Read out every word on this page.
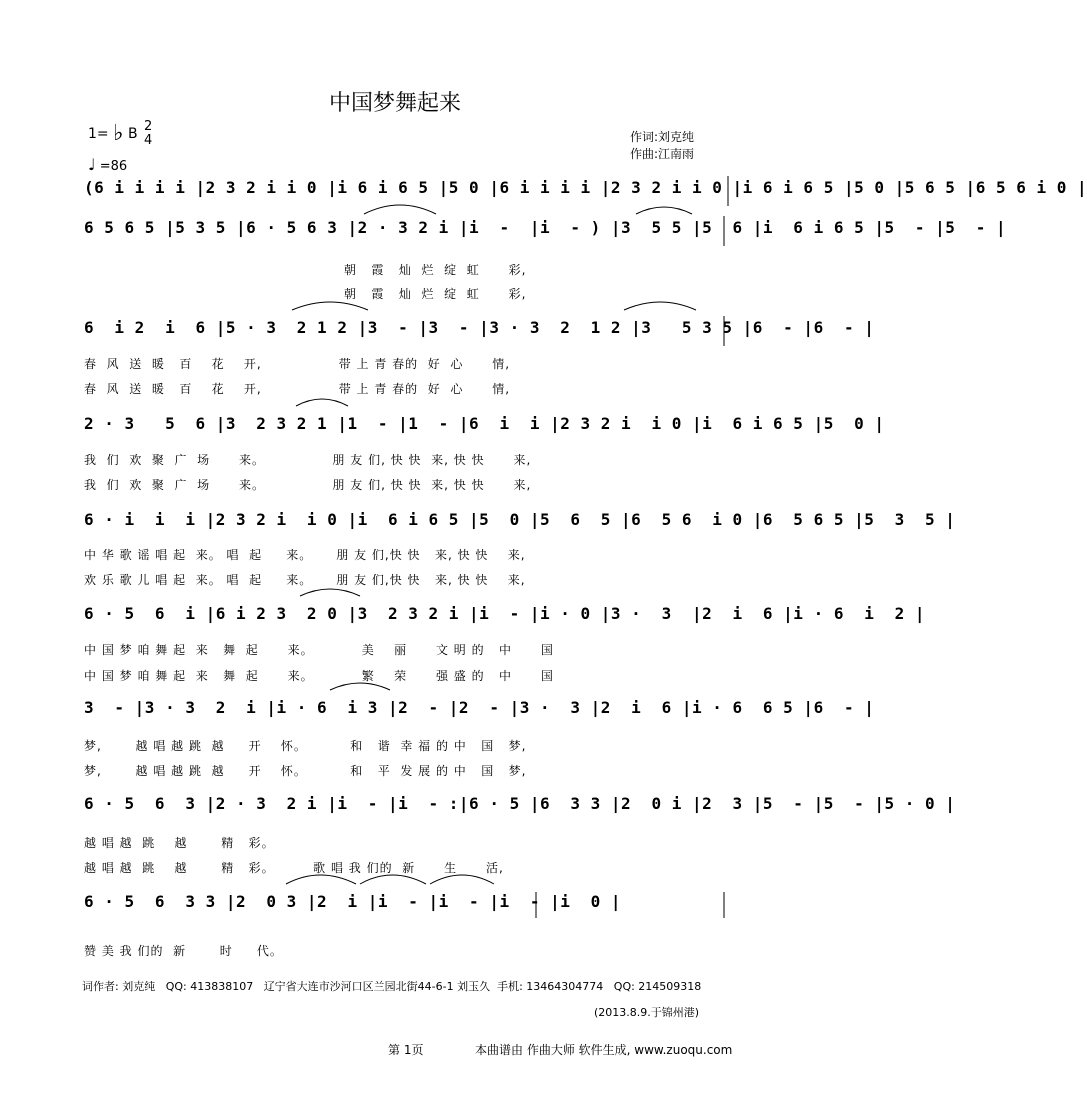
中国梦舞起来
1= ♭ B 2
4
♩ =86
作词:刘克纯
作曲:江南雨
(6 i i i i |2 3 2 i i 0 |i 6 i 6 5 |5 0 |6 i i i i |2 3 2 i i 0 |i 6 i 6 5 |5 0 |5 6 5 |6 5 6 i 0 |
6 5 6 5 |5 3 5 |6 · 5 6 3 |2 · 3 2 i |i  -  |i  - ) |3  5 5 |5  6 |i  6 i 6 5 |5  - |5  - |
6  i 2  i  6 |5 · 3  2 1 2 |3  - |3  - |3 · 3  2  1 2 |3   5 3 5 |6  - |6  - |
2 · 3   5  6 |3  2 3 2 1 |1  - |1  - |6  i  i |2 3 2 i  i 0 |i  6 i 6 5 |5  0 |
6 · i  i  i |2 3 2 i  i 0 |i  6 i 6 5 |5  0 |5  6  5 |6  5 6  i 0 |6  5 6 5 |5  3  5 |
6 · 5  6  i |6 i 2 3  2 0 |3  2 3 2 i |i  - |i · 0 |3 ·  3  |2  i  6 |i · 6  i  2 |
3  - |3 · 3  2  i |i · 6  i 3 |2  - |2  - |3 ·  3 |2  i  6 |i · 6  6 5 |6  - |
6 · 5  6  3 |2 · 3  2 i |i  - |i  - :|6 · 5 |6  3 3 |2  0 i |2  3 |5  - |5  - |5 · 0 |
6 · 5  6  3 3 |2  0 3 |2  i |i  - |i  - |i  - |i  0 |
朝   霞   灿  烂  绽  虹      彩,
朝   霞   灿  烂  绽  虹      彩,
春  风  送  暖   百    花    开,                带 上 青 春的  好  心      情,
春  风  送  暖   百    花    开,                带 上 青 春的  好  心      情,
我  们  欢  聚  广  场      来。              朋 友 们, 快 快  来, 快 快      来,
我  们  欢  聚  广  场      来。              朋 友 们, 快 快  来, 快 快      来,
中 华 歌 谣 唱 起  来。 唱  起     来。     朋 友 们,快 快   来, 快 快    来,
欢 乐 歌 儿 唱 起  来。 唱  起     来。     朋 友 们,快 快   来, 快 快    来,
中 国 梦 咱 舞 起  来   舞  起      来。          美    丽      文 明 的   中      国
中 国 梦 咱 舞 起  来   舞  起      来。          繁    荣      强 盛 的   中      国
梦,       越 唱 越 跳  越     开    怀。         和   谐  幸 福 的 中   国   梦,
梦,       越 唱 越 跳  越     开    怀。         和   平  发 展 的 中   国   梦,
越 唱 越  跳    越       精   彩。
越 唱 越  跳    越       精   彩。        歌 唱 我 们的  新      生      活,
赞 美 我 们的  新       时     代。
词作者: 刘克纯   QQ: 413838107   辽宁省大连市沙河口区兰园北街44-6-1 刘玉久  手机: 13464304774   QQ: 214509318
(2013.8.9.于锦州港)
第 1页	本曲谱由 作曲大师 软件生成, www.zuoqu.com
